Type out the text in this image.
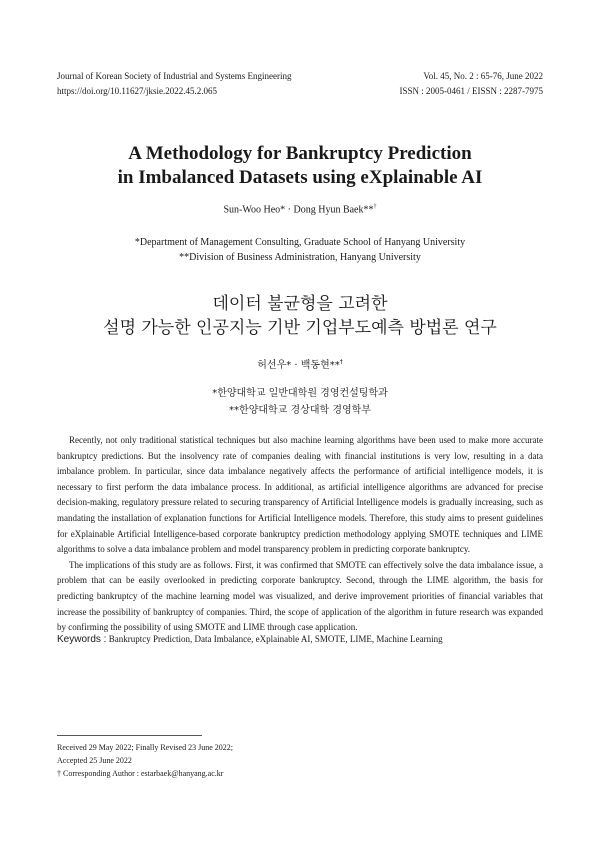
Journal of Korean Society of Industrial and Systems Engineering
https://doi.org/10.11627/jksie.2022.45.2.065
Vol. 45, No. 2 : 65-76, June 2022
ISSN : 2005-0461 / EISSN : 2287-7975
A Methodology for Bankruptcy Prediction
in Imbalanced Datasets using eXplainable AI
Sun-Woo Heo* · Dong Hyun Baek**†
*Department of Management Consulting, Graduate School of Hanyang University
**Division of Business Administration, Hanyang University
데이터 불균형을 고려한
설명 가능한 인공지능 기반 기업부도예측 방법론 연구
허선우* · 백동현**†
*한양대학교 일반대학원 경영컨설팅학과
**한양대학교 경상대학 경영학부

Recently, not only traditional statistical techniques but also machine learning algorithms have been used to make more accurate bankruptcy predictions. But the insolvency rate of companies dealing with financial institutions is very low, resulting in a data imbalance problem. In particular, since data imbalance negatively affects the performance of artificial intelligence models, it is necessary to first perform the data imbalance process. In additional, as artificial intelligence algorithms are advanced for precise decision-making, regulatory pressure related to securing transparency of Artificial Intelligence models is gradually increasing, such as mandating the installation of explanation functions for Artificial Intelligence models. Therefore, this study aims to present guidelines for eXplainable Artificial Intelligence-based corporate bankruptcy prediction methodology applying SMOTE techniques and LIME algorithms to solve a data imbalance problem and model transparency problem in predicting corporate bankruptcy.

The implications of this study are as follows. First, it was confirmed that SMOTE can effectively solve the data imbalance issue, a problem that can be easily overlooked in predicting corporate bankruptcy. Second, through the LIME algorithm, the basis for predicting bankruptcy of the machine learning model was visualized, and derive improvement priorities of financial variables that increase the possibility of bankruptcy of companies. Third, the scope of application of the algorithm in future research was expanded by confirming the possibility of using SMOTE and LIME through case application.

Keywords : Bankruptcy Prediction, Data Imbalance, eXplainable AI, SMOTE, LIME, Machine Learning
Received 29 May 2022; Finally Revised 23 June 2022;
Accepted 25 June 2022
† Corresponding Author : estarbaek@hanyang.ac.kr
